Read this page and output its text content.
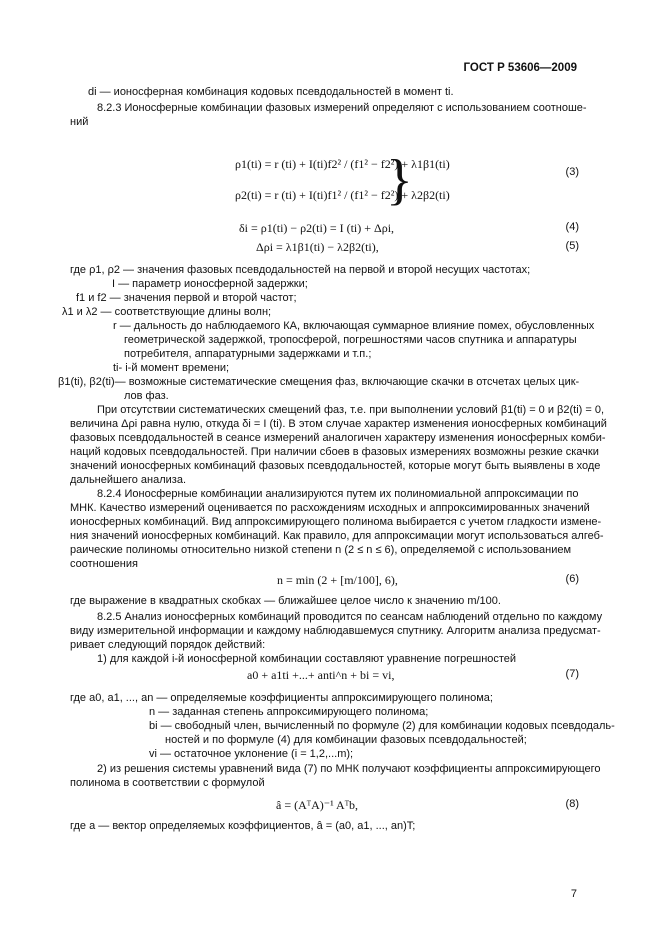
ГОСТ Р 53606—2009
di — ионосферная комбинация кодовых псевдодальностей в момент ti.
8.2.3 Ионосферные комбинации фазовых измерений определяют с использованием соотноше-
ний
где ρ1, ρ2 — значения фазовых псевдодальностей на первой и второй несущих частотах;
I — параметр ионосферной задержки;
f1 и f2 — значения первой и второй частот;
λ1 и λ2 — соответствующие длины волн;
r — дальность до наблюдаемого КА, включающая суммарное влияние помех, обусловленных
геометрической задержкой, тропосферой, погрешностями часов спутника и аппаратуры
потребителя, аппаратурными задержками и т.п.;
ti- i-й момент времени;
β1(ti), β2(ti)— возможные систематические смещения фаз, включающие скачки в отсчетах целых цик-
лов фаз.
При отсутствии систематических смещений фаз, т.е. при выполнении условий β1(ti) = 0 и β2(ti) = 0,
величина Δρi равна нулю, откуда δi = I (ti). В этом случае характер изменения ионосферных комбинаций
фазовых псевдодальностей в сеансе измерений аналогичен характеру изменения ионосферных комби-
наций кодовых псевдодальностей. При наличии сбоев в фазовых измерениях возможны резкие скачки
значений ионосферных комбинаций фазовых псевдодальностей, которые могут быть выявлены в ходе
дальнейшего анализа.
8.2.4 Ионосферные комбинации анализируются путем их полиномиальной аппроксимации по
МНК. Качество измерений оценивается по расхождениям исходных и аппроксимированных значений
ионосферных комбинаций. Вид аппроксимирующего полинома выбирается с учетом гладкости измене-
ния значений ионосферных комбинаций. Как правило, для аппроксимации могут использоваться алгеб-
раические полиномы относительно низкой степени n (2 ≤ n ≤ 6), определяемой с использованием
соотношения
где выражение в квадратных скобках — ближайшее целое число к значению m/100.
8.2.5 Анализ ионосферных комбинаций проводится по сеансам наблюдений отдельно по каждому
виду измерительной информации и каждому наблюдавшемуся спутнику. Алгоритм анализа предусмат-
ривает следующий порядок действий:
1) для каждой i-й ионосферной комбинации составляют уравнение погрешностей
где a0, a1, ..., an — определяемые коэффициенты аппроксимирующего полинома;
n — заданная степень аппроксимирующего полинома;
bi — свободный член, вычисленный по формуле (2) для комбинации кодовых псевдодаль-
ностей и по формуле (4) для комбинации фазовых псевдодальностей;
vi — остаточное уклонение (i = 1,2,...m);
2) из решения системы уравнений вида (7) по МНК получают коэффициенты аппроксимирующего
полинома в соответствии с формулой
где a — вектор определяемых коэффициентов, â = (a0, a1, ..., an)T;
ρ1(ti) = r (ti) + I(ti)f2² / (f1² − f2²) + λ1β1(ti)
ρ2(ti) = r (ti) + I(ti)f1² / (f1² − f2²) + λ2β2(ti)
δi = ρ1(ti) − ρ2(ti) = I (ti) + Δρi,
Δρi = λ1β1(ti) − λ2β2(ti),
n = min (2 + [m/100], 6),
a0 + a1ti +...+ anti^n + bi = vi,
â = (AᵀA)⁻¹ Aᵀb,
(3)
(4)
(5)
(6)
(7)
(8)
}
7
